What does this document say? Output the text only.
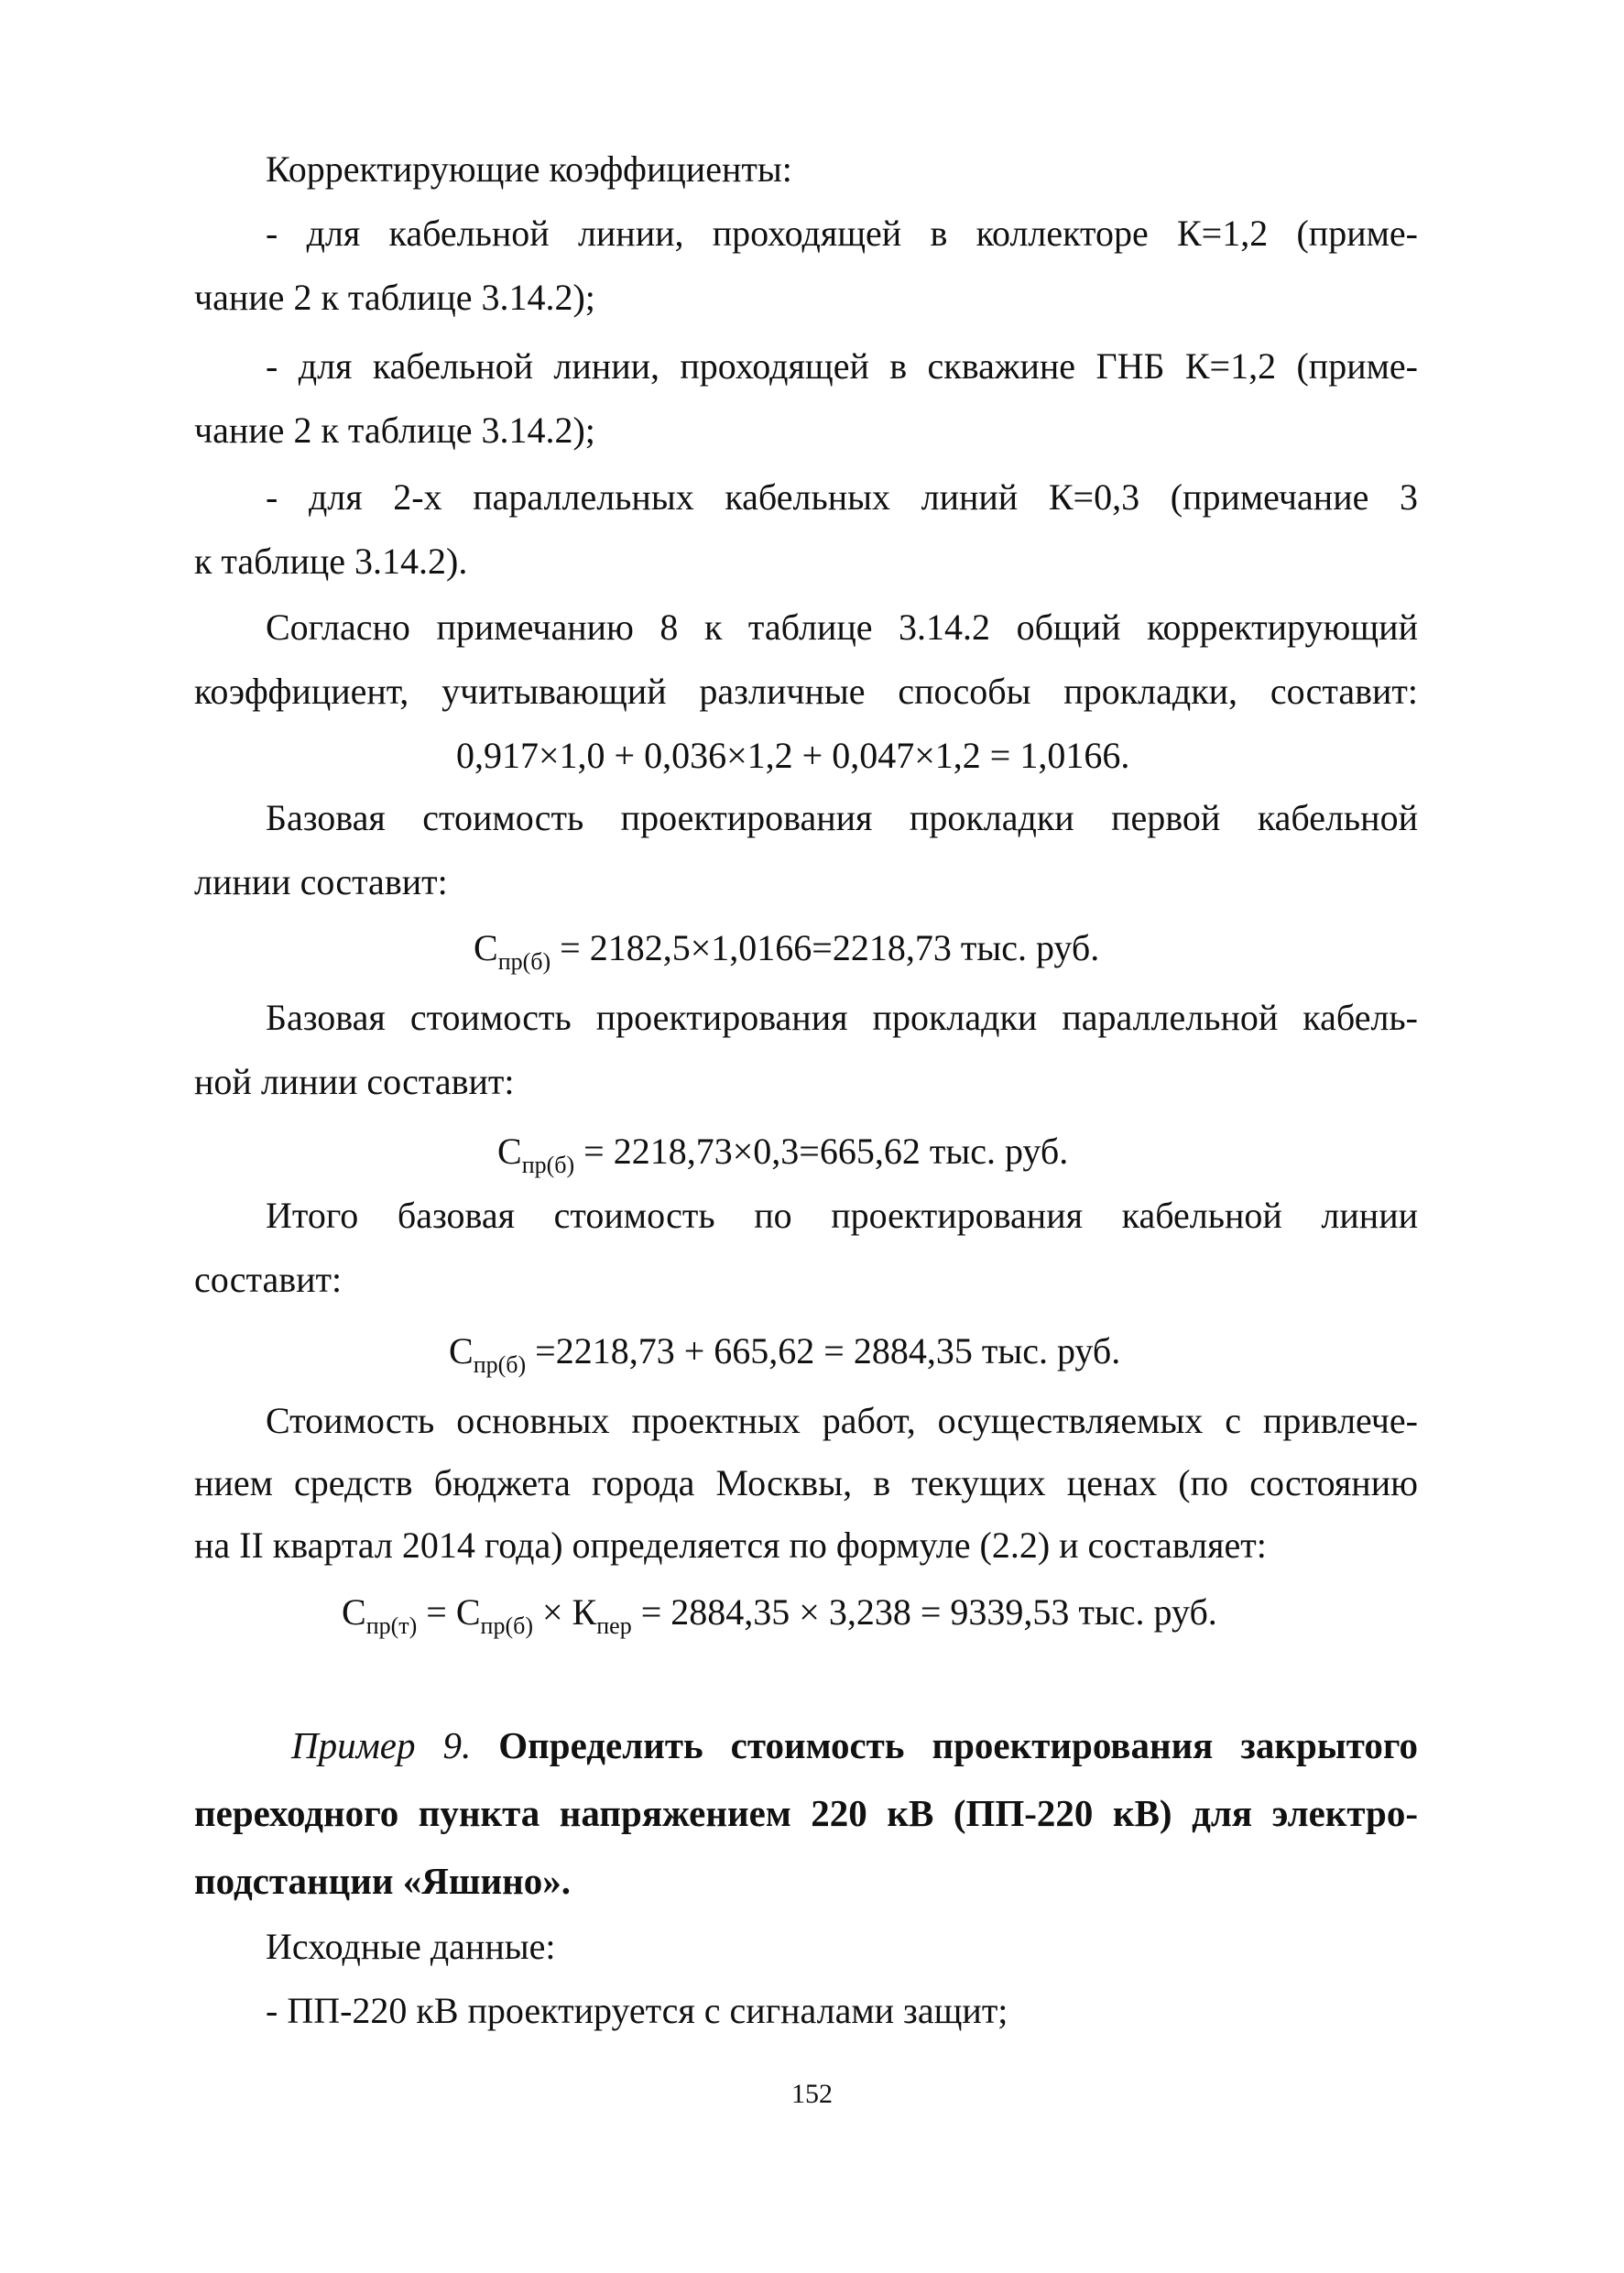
Корректирующие коэффициенты:
- для кабельной линии, проходящей в коллекторе К=1,2 (приме-
чание 2 к таблице 3.14.2);
- для кабельной линии, проходящей в скважине ГНБ К=1,2 (приме-
чание 2 к таблице 3.14.2);
- для 2-х параллельных кабельных линий К=0,3 (примечание 3
к таблице 3.14.2).
Согласно примечанию 8 к таблице 3.14.2 общий корректирующий
коэффициент, учитывающий различные способы прокладки, составит:
0,917×1,0 + 0,036×1,2 + 0,047×1,2 = 1,0166.
Базовая стоимость проектирования прокладки первой кабельной
линии составит:
$С_{пр(б)} = 2182,5\times 1,0166=2218,73$ тыс. руб.
Базовая стоимость проектирования прокладки параллельной кабель-
ной линии составит:
$С_{пр(б)} = 2218,73\times 0,3=665,62$ тыс. руб.
Итого базовая стоимость по проектирования кабельной линии
составит:
$С_{пр(б)} =2218,73 + 665,62 = 2884,35$ тыс. руб.
Стоимость основных проектных работ, осуществляемых с привлече-
нием средств бюджета города Москвы, в текущих ценах (по состоянию
на II квартал 2014 года) определяется по формуле (2.2) и составляет:
$С_{пр(т)} = С_{пр(б)} \times К_{пер} = 2884,35 \times 3,238 = 9339,53$ тыс. руб.
Пример 9. Определить стоимость проектирования закрытого
переходного пункта напряжением 220 кВ (ПП-220 кВ) для электро-
подстанции «Яшино».
Исходные данные:
- ПП-220 кВ проектируется с сигналами защит;
152
